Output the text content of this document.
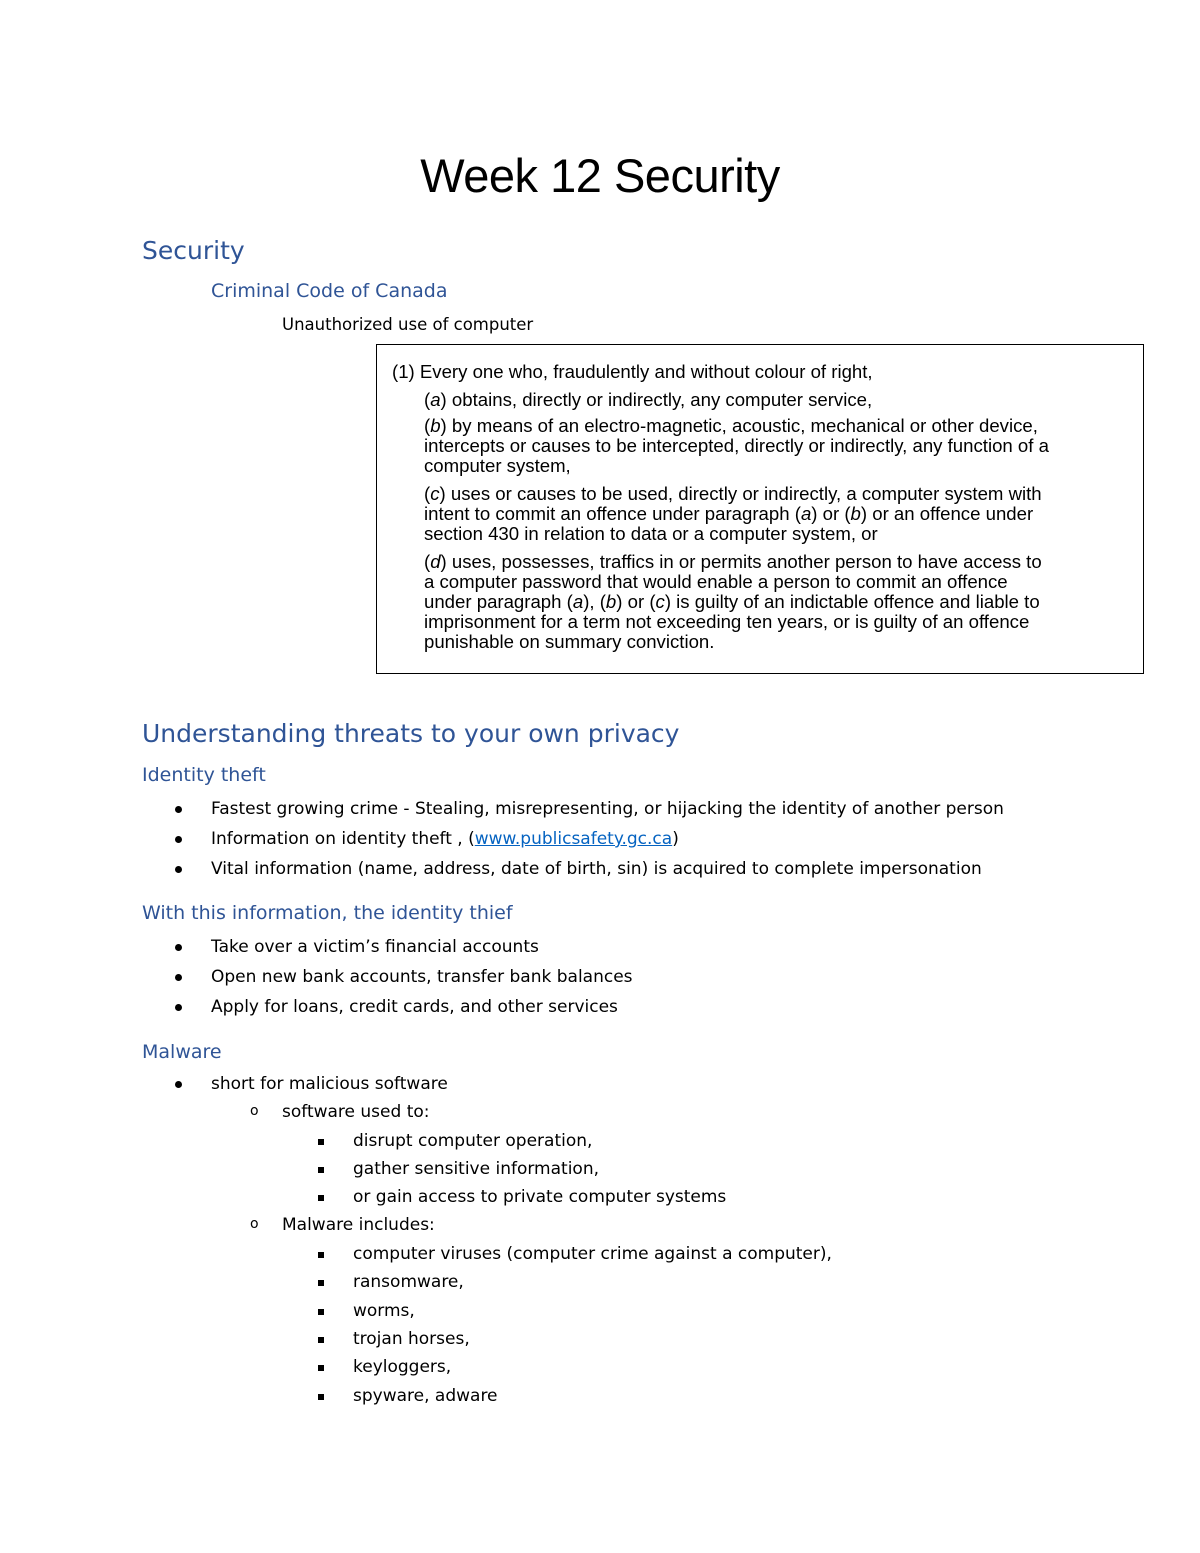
Week 12 Security
Security
Criminal Code of Canada

Unauthorized use of computer

(1) Every one who, fraudulently and without colour of right,

(a) obtains, directly or indirectly, any computer service,

(b) by means of an electro-magnetic, acoustic, mechanical or other device,

intercepts or causes to be intercepted, directly or indirectly, any function of a

computer system,

(c) uses or causes to be used, directly or indirectly, a computer system with

intent to commit an offence under paragraph (a) or (b) or an offence under

section 430 in relation to data or a computer system, or

(d) uses, possesses, traffics in or permits another person to have access to

a computer password that would enable a person to commit an offence

under paragraph (a), (b) or (c) is guilty of an indictable offence and liable to

imprisonment for a term not exceeding ten years, or is guilty of an offence

punishable on summary conviction.

Understanding threats to your own privacy
Identity theft
Fastest growing crime - Stealing, misrepresenting, or hijacking the identity of another person
Information on identity theft , (www.publicsafety.gc.ca)
Vital information (name, address, date of birth, sin) is acquired to complete impersonation
With this information, the identity thief
Take over a victim’s financial accounts
Open new bank accounts, transfer bank balances
Apply for loans, credit cards, and other services
Malware
short for malicious software
o software used to:
disrupt computer operation,
gather sensitive information,
or gain access to private computer systems
o Malware includes:
computer viruses (computer crime against a computer),
ransomware,
worms,
trojan horses,
keyloggers,
spyware, adware
